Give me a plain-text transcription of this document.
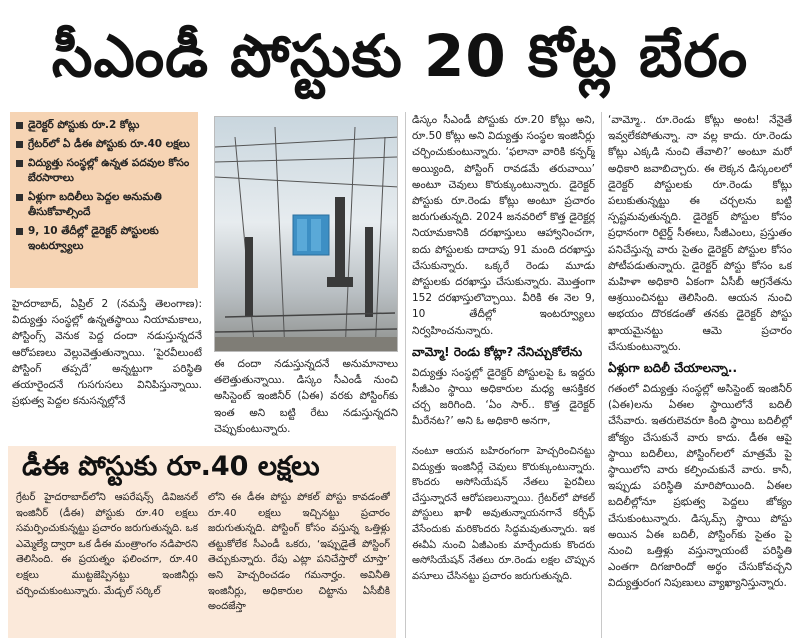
సీఎండీ పోస్టుకు 20 కోట్ల బేరం
డైరెక్టర్ పోస్టుకు రూ.2 కోట్లు
గ్రేటర్‌లో ఏ డీఈ పోస్టుకు రూ.40 లక్షలు
విద్యుత్తు సంస్థల్లో ఉన్నత పదవుల కోసం బేరసారాలు
ఏళ్లుగా బదిలీలు పెద్దల అనుమతి తీసుకోవాల్సిందే
9, 10 తేదీల్లో డైరెక్టర్ పోస్టులకు ఇంటర్వ్యూలు

హైదరాబాద్‌, ఏప్రిల్‌ 2 (నమస్తే తెలంగాణ): విద్యుత్తు సంస్థల్లో ఉన్నతస్థాయి నియామకాలు, పోస్టింగ్స్‌ వెనుక పెద్ద దందా నడుస్తున్నదనే ఆరోపణలు వెల్లువెత్తుతున్నాయి. ‘పైరవీలుంటే పోస్టింగ్‌ తప్పదే’ అన్నట్టుగా పరిస్థితి తయారైందనే గుసగుసలు వినిపిస్తున్నాయి. ప్రభుత్వ పెద్దల కనుసన్నల్లోనే

ఈ దందా నడుస్తున్నదనే అనుమానాలు తలెత్తుతున్నాయి. డిస్కం సీఎండీ నుంచి అసిస్టెంట్‌ ఇంజినీర్‌ (ఏఈ) వరకు పోస్టింగ్‌కు ఇంత అని బట్టి రేటు నడుస్తున్నదని చెప్పుకుంటున్నారు.

డిస్కం సీఎండీ పోస్టుకు రూ.20 కోట్లు అని, రూ.50 కోట్లు అని విద్యుత్తు సంస్థల ఇంజినీర్లు చర్చించుకుంటున్నారు. ‘ఫలానా వారికి కన్ఫర్మ్‌ అయ్యింది, పోస్టింగ్‌ రావడమే తరువాయి’ అంటూ చెవులు కొరుక్కుంటున్నారు. డైరెక్టర్‌ పోస్టుకు రూ.రెండు కోట్లు అంటూ ప్రచారం జరుగుతున్నది. 2024 జనవరిలో కొత్త డైరెక్టర్ల నియామకానికి దరఖాస్తులు ఆహ్వానించగా, ఐదు పోస్టులకు దాదాపు 91 మంది దరఖాస్తు చేసుకున్నారు. ఒక్కరే రెండు మూడు పోస్టులకు దరఖాస్తు చేసుకున్నారు. మొత్తంగా 152 దరఖాస్తులొచ్చాయి. వీరికి ఈ నెల 9, 10 తేదీల్లో ఇంటర్వ్యూలు నిర్వహించనున్నారు.

వామ్మో! రెండు కోట్లా? నేనిచ్చుకోలేను

విద్యుత్తు సంస్థల్లో డైరెక్టర్‌ పోస్టులపై ఓ ఇద్దరు సీజీఎం స్థాయి అధికారుల మధ్య ఆసక్తికర చర్చ జరిగింది. ‘ఏం సార్‌.. కొత్త డైరెక్టర్‌ మీరేనట?’ అని ఓ అధికారి అనగా,

‘వామ్మో.. రూ.రెండు కోట్లు అంట! నేనైతే ఇవ్వలేకపోతున్నా. నా వల్ల కాదు. రూ.రెండు కోట్లు ఎక్కడి నుంచి తేవాలి?’ అంటూ మరో అధికారి జవాబిచ్చారు. ఈ లెక్కన డిస్కంలలో డైరెక్టర్‌ పోస్టులకు రూ.రెండు కోట్లు పలుకుతున్నట్టు ఈ చర్చలను బట్టి స్పష్టమవుతున్నది. డైరెక్టర్‌ పోస్టుల కోసం ప్రధానంగా రిటైర్డ్‌ సీఈలు, సీజీఎంలు, ప్రస్తుతం పనిచేస్తున్న వారు సైతం డైరెక్టర్‌ పోస్టుల కోసం పోటీపడుతున్నారు. డైరెక్టర్‌ పోస్టు కోసం ఒక మహిళా అధికారి ఏకంగా ఏసీబీ ఆగ్రనేతను ఆశ్రయించినట్టు తెలిసింది. ఆయన నుంచి అభయం దొరకడంతో తనకు డైరెక్టర్‌ పోస్టు ఖాయమైనట్టు ఆమె ప్రచారం చేసుకుంటున్నారు.

ఏళ్లుగా బదిలీ చేయాలన్నా..

గతంలో విద్యుత్తు సంస్థల్లో అసిస్టెంట్‌ ఇంజినీర్‌ (ఏఈ)లను ఏఈల స్థాయిలోనే బదిలీ చేసేవారు. ఇతరులెవరూ కింది స్థాయి బదిలీల్లో జోక్యం చేసుకునే వారు కాదు. డీఈ ఆపై స్థాయి బదిలీలు, పోస్టింగ్‌లలో మాత్రమే పై స్థాయిలోని వారు కల్పించుకునే వారు. కానీ, ఇప్పుడు పరిస్థితి మారిపోయింది. ఏఈల బదిలీల్లోనూ ప్రభుత్వ పెద్దలు జోక్యం చేసుకుంటున్నారు. డిస్కమ్స్‌ స్థాయి పోస్టు అయిన ఏఈ బదిలీ, పోస్టింగ్‌కు సైతం పై నుంచి ఒత్తిళ్లు వస్తున్నాయంటే పరిస్థితి ఎంతగా దిగజారిందో అర్థం చేసుకోవచ్చని విద్యుత్తురంగ నిపుణులు వ్యాఖ్యానిస్తున్నారు.

డీఈ పోస్టుకు రూ.40 లక్షలు
గ్రేటర్‌ హైదరాబాద్‌లోని ఆపరేషన్స్‌ డివిజనల్‌ ఇంజినీర్‌ (డీఈ) పోస్టుకు రూ.40 లక్షలు సమర్పించుకున్నట్టు ప్రచారం జరుగుతున్నది. ఒక ఎమ్మెల్యే ద్వారా ఒక డీఈ మంత్రాంగం నడిపారని తెలిసింది. ఈ ప్రయత్నం ఫలించగా, రూ.40 లక్షలు ముట్టజెప్పినట్టు ఇంజినీర్లు చర్చించుకుంటున్నారు. మేడ్చల్‌ సర్కిల్‌
లోని ఈ డీఈ పోస్టు పోకల్‌ పోస్టు కావడంతో రూ.40 లక్షలు ఇచ్చినట్టు ప్రచారం జరుగుతున్నది. పోస్టింగ్‌ కోసం వస్తున్న ఒత్తిళ్లు తట్టుకోలేక సీఎండీ ఒకరు, ‘ఇప్పుడైతే పోస్టింగ్‌ తెచ్చుకున్నారు. రేపు ఎట్లా పనిచేస్తారో చూస్తా’ అని హెచ్చరించడం గమనార్హం. అవినీతి ఇంజినీర్లు, అధికారుల చిట్టాను ఏసీబీకి అందజేస్తా

నంటూ ఆయన బహిరంగంగా హెచ్చరించినట్టు విద్యుత్తు ఇంజినీర్లే చెవులు కొరుక్కుంటున్నారు. కొందరు అసోసియేషన్‌ నేతలు పైరవీలు చేస్తున్నారనే ఆరోపణలున్నాయి. గ్రేటర్‌లో పోకల్‌ పోస్టులు ఖాళీ అవుతున్నాయనగానే కర్చీఫ్‌ వేసేందుకు మరికొందరు సిద్ధమవుతున్నారు. ఇక ఈవీఏ నుంచి ఏజీఎంకు మార్చేందుకు కొందరు అసోసియేషన్‌ నేతలు రూ.రెండు లక్షల చొప్పున వసూలు చేసినట్టు ప్రచారం జరుగుతున్నది.
